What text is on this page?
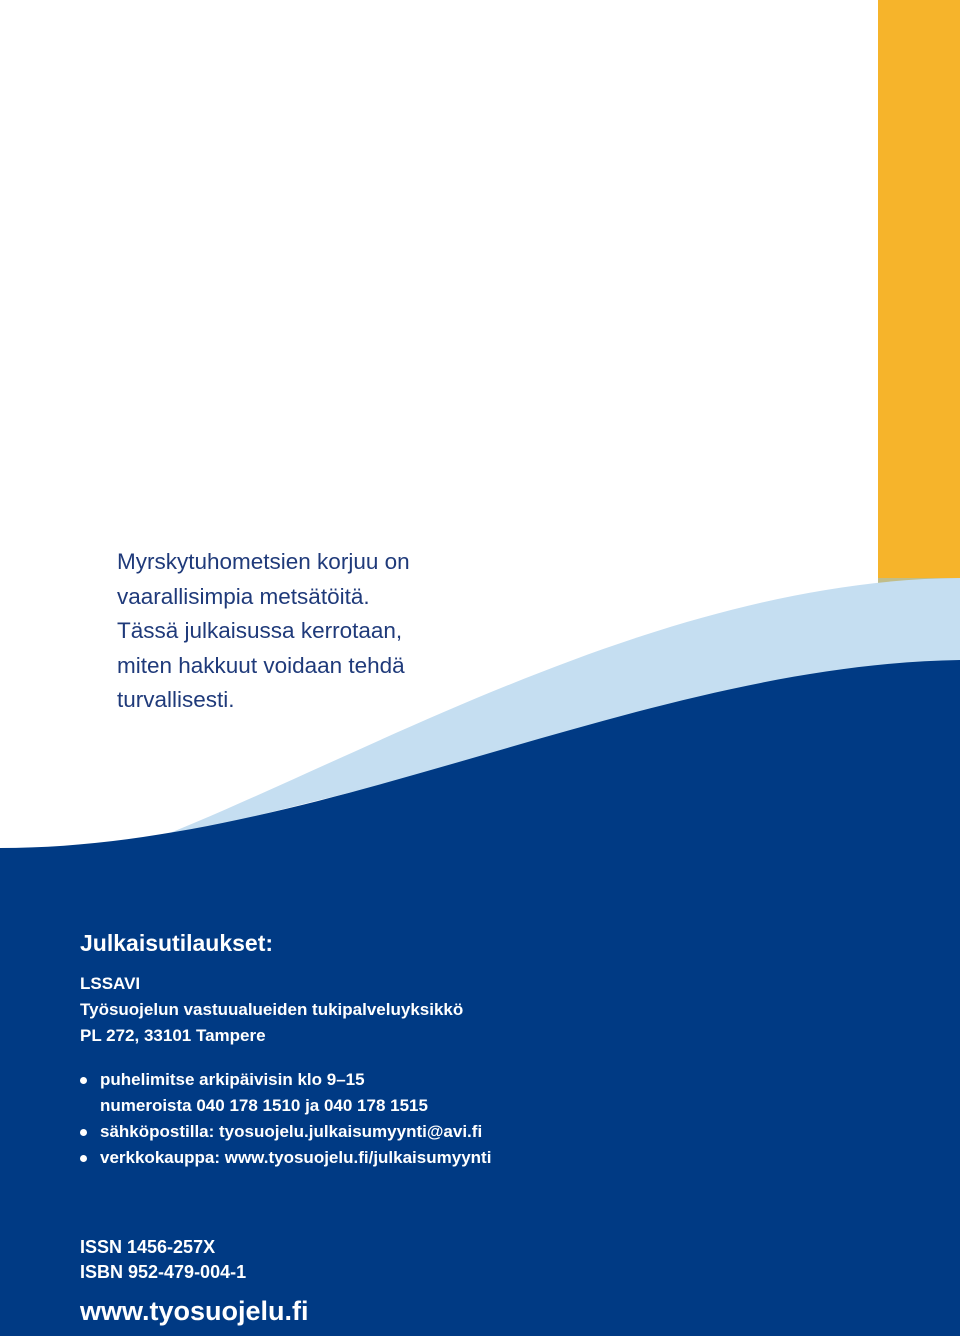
Myrskytuhometsien korjuu on
vaarallisimpia metsätöitä.
Tässä julkaisussa kerrotaan,
miten hakkuut voidaan tehdä
turvallisesti.
Julkaisutilaukset:
LSSAVI
Työsuojelun vastuualueiden tukipalveluyksikkö
PL 272, 33101 Tampere
puhelimitse arkipäivisin klo 9–15
numeroista 040 178 1510 ja 040 178 1515
sähköpostilla: tyosuojelu.julkaisumyynti@avi.fi
verkkokauppa: www.tyosuojelu.fi/julkaisumyynti
ISSN 1456-257X
ISBN 952-479-004-1
www.tyosuojelu.fi
